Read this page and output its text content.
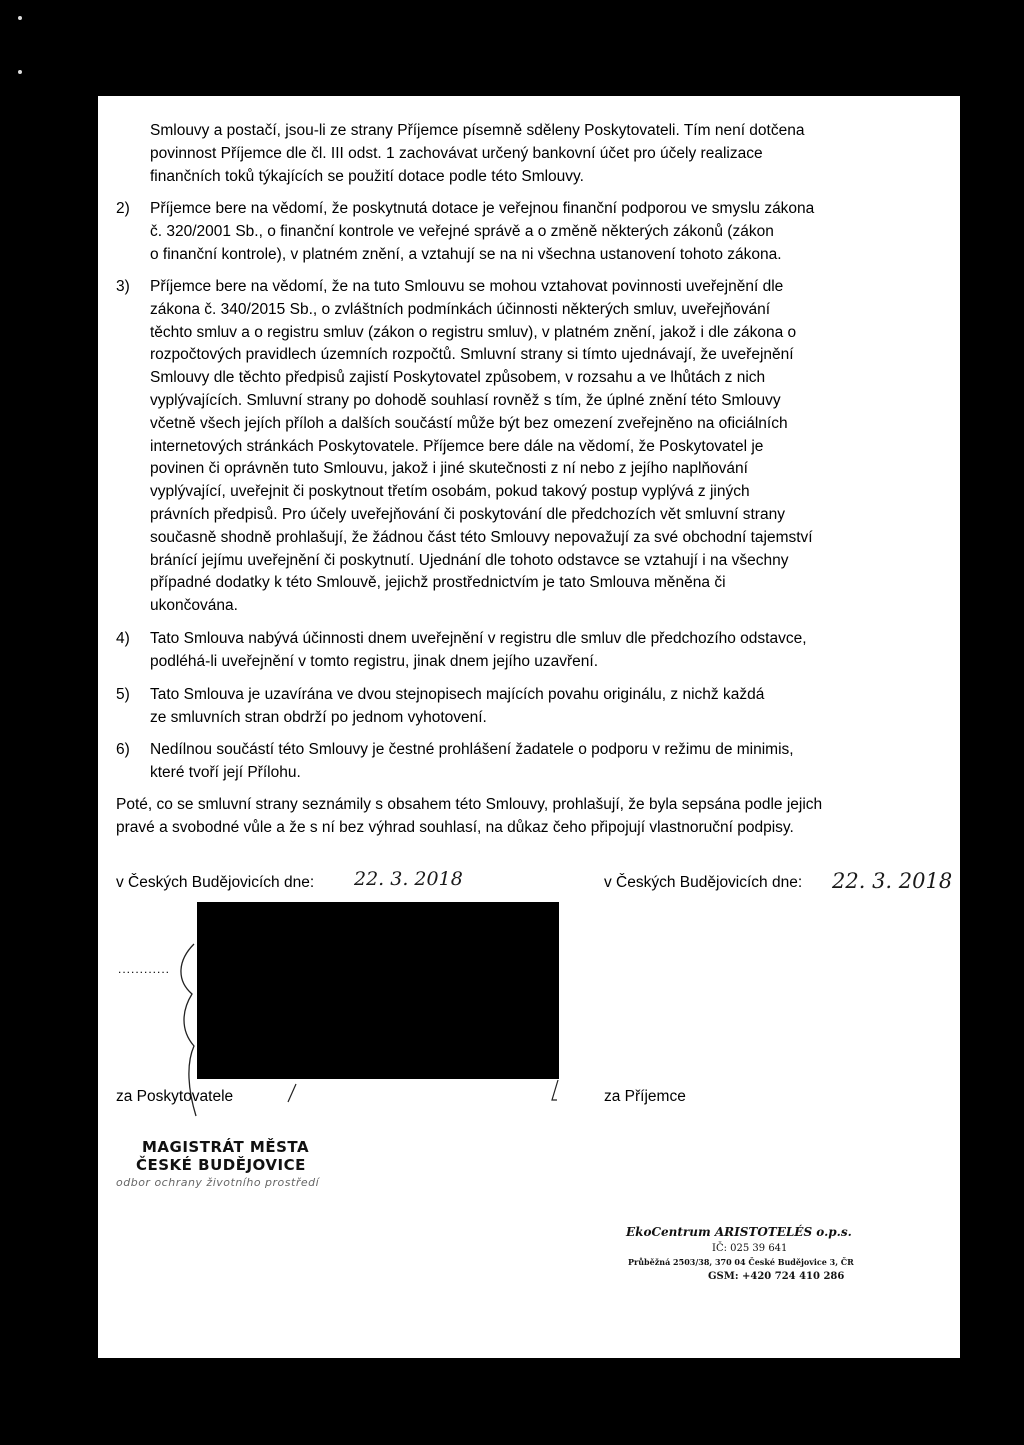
Smlouvy a postačí, jsou-li ze strany Příjemce písemně sděleny Poskytovateli. Tím není dotčena
povinnost Příjemce dle čl. III odst. 1 zachovávat určený bankovní účet pro účely realizace
finančních toků týkajících se použití dotace podle této Smlouvy.
2)	Příjemce bere na vědomí, že poskytnutá dotace je veřejnou finanční podporou ve smyslu zákona
č. 320/2001 Sb., o finanční kontrole ve veřejné správě a o změně některých zákonů (zákon
o finanční kontrole), v platném znění, a vztahují se na ni všechna ustanovení tohoto zákona.
3)	Příjemce bere na vědomí, že na tuto Smlouvu se mohou vztahovat povinnosti uveřejnění dle
zákona č. 340/2015 Sb., o zvláštních podmínkách účinnosti některých smluv, uveřejňování
těchto smluv a o registru smluv (zákon o registru smluv), v platném znění, jakož i dle zákona o
rozpočtových pravidlech územních rozpočtů. Smluvní strany si tímto ujednávají, že uveřejnění
Smlouvy dle těchto předpisů zajistí Poskytovatel způsobem, v rozsahu a ve lhůtách z nich
vyplývajících. Smluvní strany po dohodě souhlasí rovněž s tím, že úplné znění této Smlouvy
včetně všech jejích příloh a dalších součástí může být bez omezení zveřejněno na oficiálních
internetových stránkách Poskytovatele. Příjemce bere dále na vědomí, že Poskytovatel je
povinen či oprávněn tuto Smlouvu, jakož i jiné skutečnosti z ní nebo z jejího naplňování
vyplývající, uveřejnit či poskytnout třetím osobám, pokud takový postup vyplývá z jiných
právních předpisů. Pro účely uveřejňování či poskytování dle předchozích vět smluvní strany
současně shodně prohlašují, že žádnou část této Smlouvy nepovažují za své obchodní tajemství
bránící jejímu uveřejnění či poskytnutí. Ujednání dle tohoto odstavce se vztahují i na všechny
případné dodatky k této Smlouvě, jejichž prostřednictvím je tato Smlouva měněna či
ukončována.
4)	Tato Smlouva nabývá účinnosti dnem uveřejnění v registru dle smluv dle předchozího odstavce,
podléhá-li uveřejnění v tomto registru, jinak dnem jejího uzavření.
5)	Tato Smlouva je uzavírána ve dvou stejnopisech majících povahu originálu, z nichž každá
ze smluvních stran obdrží po jednom vyhotovení.
6)	Nedílnou součástí této Smlouvy je čestné prohlášení žadatele o podporu v režimu de minimis,
které tvoří její Přílohu.
Poté, co se smluvní strany seznámily s obsahem této Smlouvy, prohlašují, že byla sepsána podle jejich
pravé a svobodné vůle a že s ní bez výhrad souhlasí, na důkaz čeho připojují vlastnoruční podpisy.
v Českých Budějovicích dne: 22. 3. 2018	v Českých Budějovicích dne: 22. 3. 2018
............
za Poskytovatele	za Příjemce
MAGISTRÁT MĚSTA
ČESKÉ BUDĚJOVICE
odbor ochrany životního prostředí
EkoCentrum ARISTOTELÉS o.p.s.
IČ: 025 39 641
Průběžná 2503/38, 370 04 České Budějovice 3, ČR
GSM: +420 724 410 286
